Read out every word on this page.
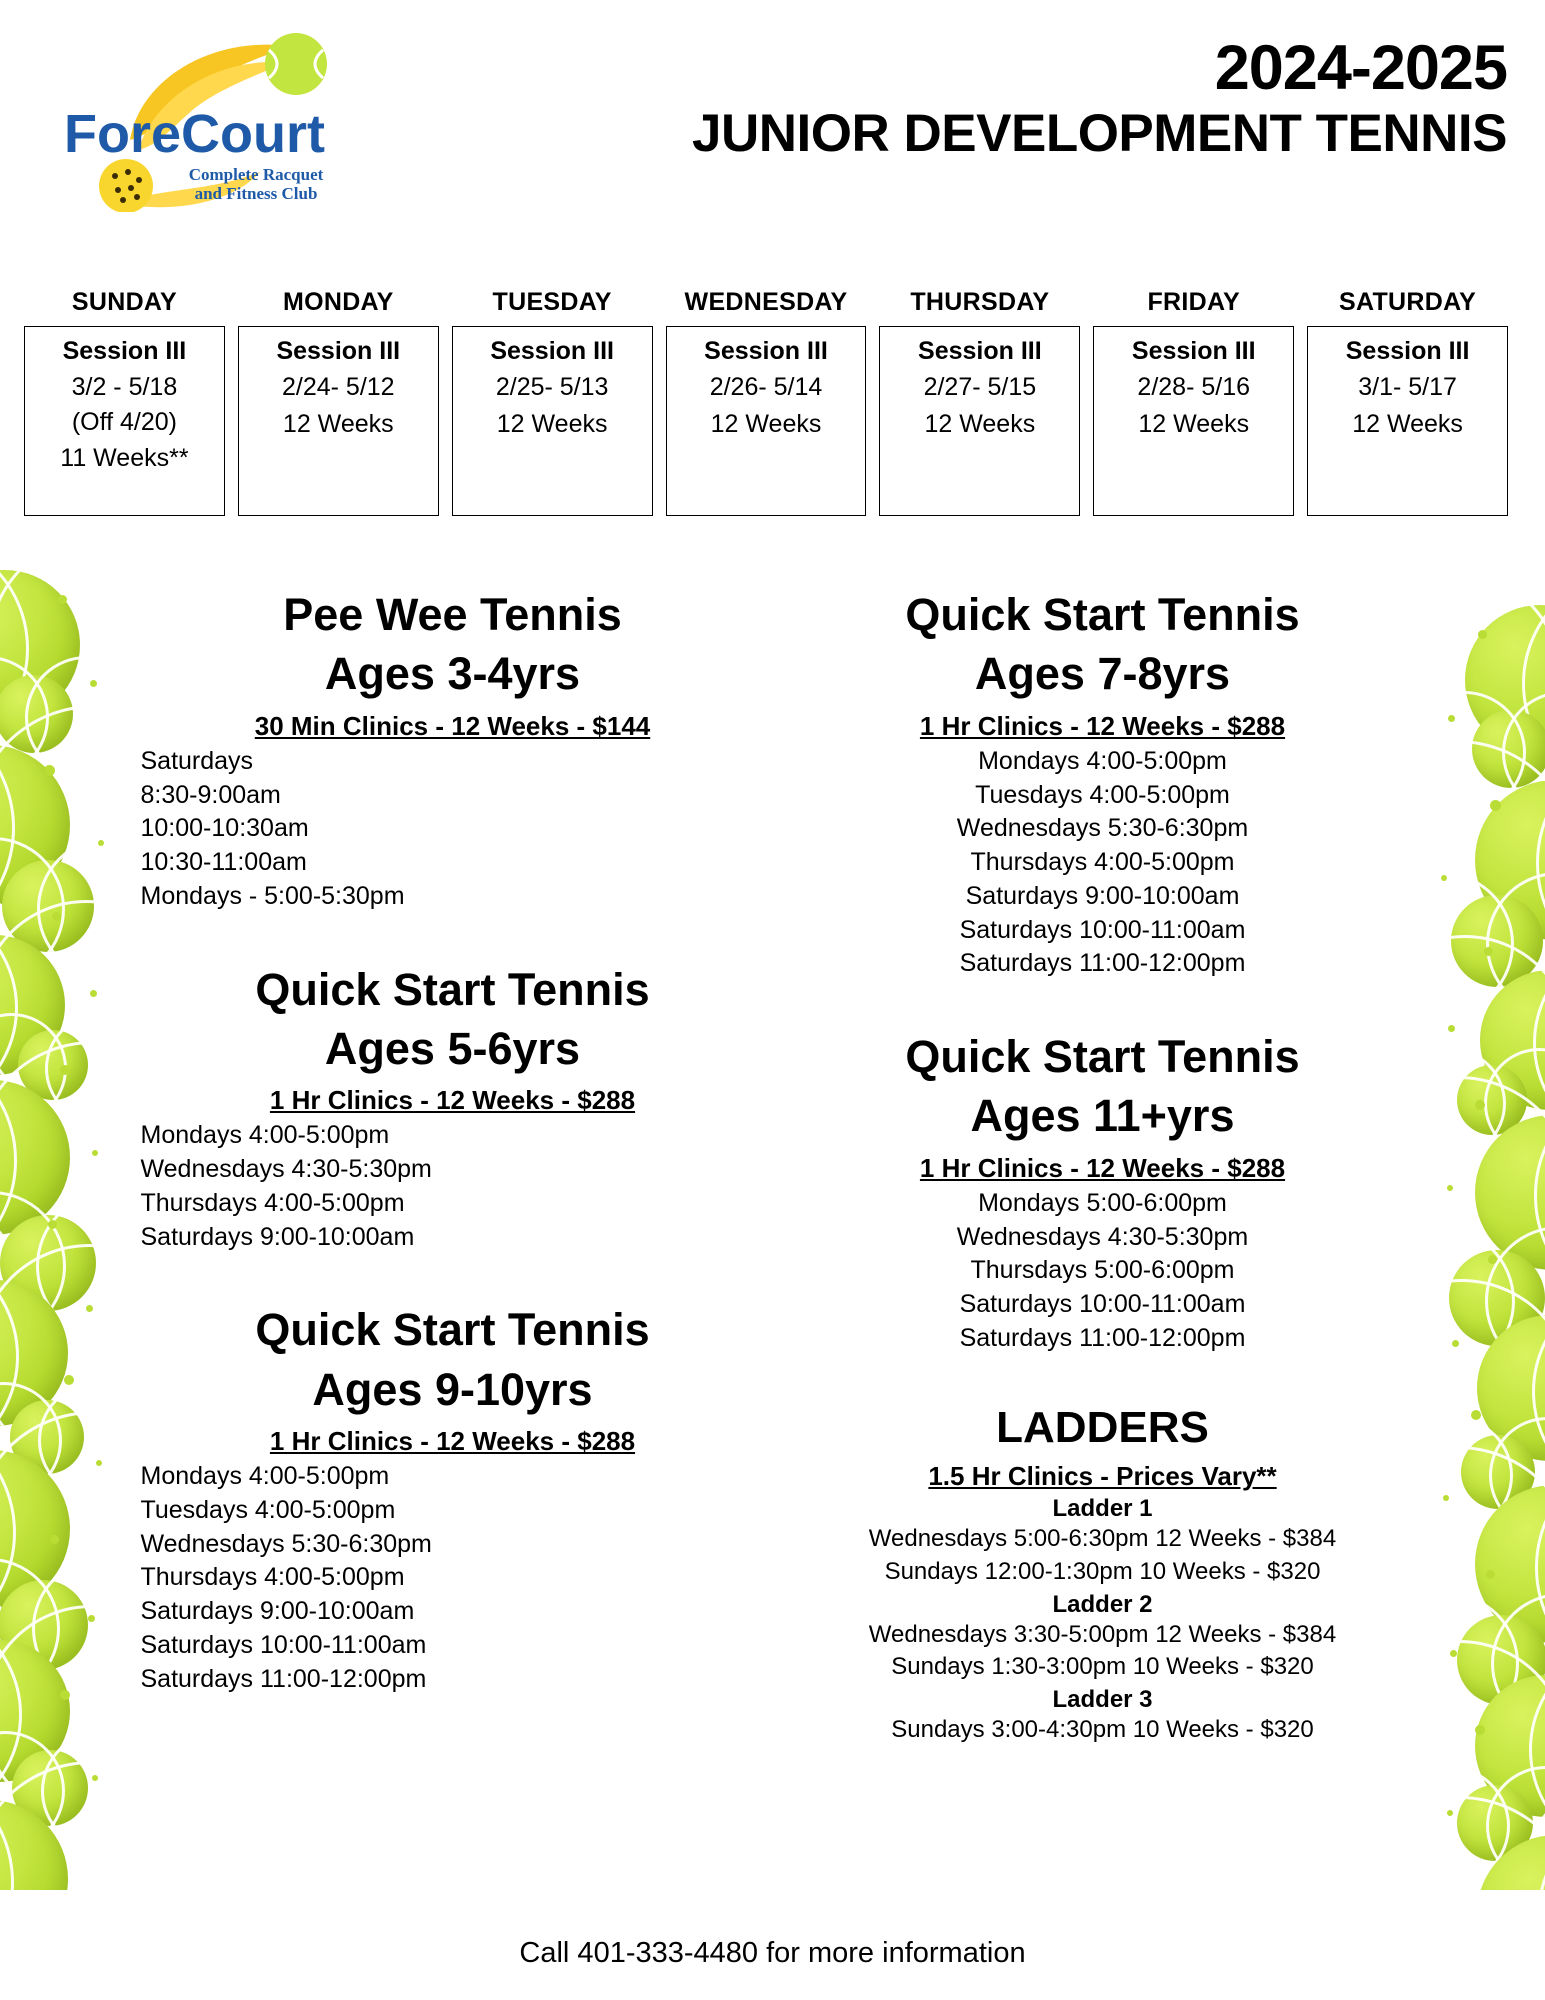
ForeCourt
Complete Racquet
and Fitness Club
2024-2025
JUNIOR DEVELOPMENT TENNIS
SUNDAY
Session III
3/2 - 5/18
(Off 4/20)
11 Weeks**
MONDAY
Session III
2/24- 5/12
12 Weeks
TUESDAY
Session III
2/25- 5/13
12 Weeks
WEDNESDAY
Session III
2/26- 5/14
12 Weeks
THURSDAY
Session III
2/27- 5/15
12 Weeks
FRIDAY
Session III
2/28- 5/16
12 Weeks
SATURDAY
Session III
3/1- 5/17
12 Weeks
Pee Wee Tennis
Ages 3-4yrs
30 Min Clinics - 12 Weeks - $144
Saturdays
8:30-9:00am
10:00-10:30am
10:30-11:00am
Mondays - 5:00-5:30pm
Quick Start Tennis
Ages 5-6yrs
1 Hr Clinics - 12 Weeks - $288
Mondays 4:00-5:00pm
Wednesdays 4:30-5:30pm
Thursdays 4:00-5:00pm
Saturdays 9:00-10:00am
Quick Start Tennis
Ages 9-10yrs
1 Hr Clinics - 12 Weeks - $288
Mondays 4:00-5:00pm
Tuesdays 4:00-5:00pm
Wednesdays 5:30-6:30pm
Thursdays 4:00-5:00pm
Saturdays 9:00-10:00am
Saturdays 10:00-11:00am
Saturdays 11:00-12:00pm
Quick Start Tennis
Ages 7-8yrs
1 Hr Clinics - 12 Weeks - $288
Mondays 4:00-5:00pm
Tuesdays 4:00-5:00pm
Wednesdays 5:30-6:30pm
Thursdays 4:00-5:00pm
Saturdays 9:00-10:00am
Saturdays 10:00-11:00am
Saturdays 11:00-12:00pm
Quick Start Tennis
Ages 11+yrs
1 Hr Clinics - 12 Weeks - $288
Mondays 5:00-6:00pm
Wednesdays 4:30-5:30pm
Thursdays 5:00-6:00pm
Saturdays 10:00-11:00am
Saturdays 11:00-12:00pm
LADDERS
1.5 Hr Clinics - Prices Vary**
Ladder 1
Wednesdays 5:00-6:30pm 12 Weeks - $384
Sundays 12:00-1:30pm 10 Weeks - $320
Ladder 2
Wednesdays 3:30-5:00pm 12 Weeks - $384
Sundays 1:30-3:00pm 10 Weeks - $320
Ladder 3
Sundays 3:00-4:30pm 10 Weeks - $320
Call 401-333-4480 for more information
